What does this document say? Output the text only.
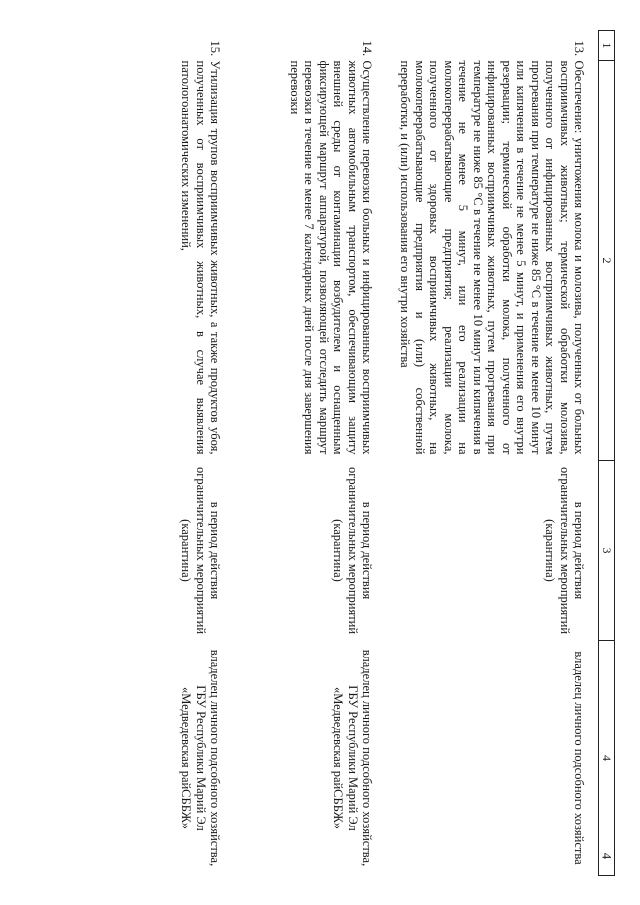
4
1	2	3	4
13.	Обеспечение: уничтожения молока и молозива, полученных от больных восприимчивых животных; термической обработки молозива, полученного от инфицированных восприимчивых животных, путем прогревания при температуре не ниже 85 °C в течение не менее 10 минут или кипячения в течение не менее 5 минут, и применения его внутри резервации; термической обработки молока, полученного от инфицированных восприимчивых животных, путем прогревания при температуре не ниже 85 °C в течение не менее 10 минут или кипячения в течение не менее 5 минут, или его реализации на молокоперерабатывающие предприятия; реализации молока, полученного от здоровых восприимчивых животных, на молокоперерабатывающие предприятия и (или) собственной переработки, и (или) использования его внутри хозяйства	в период действия ограничительных мероприятий (карантина)	владелец личного подсобного хозяйства
14.	Осуществление перевозки больных и инфицированных восприимчивых животных автомобильным транспортом, обеспечивающим защиту внешней среды от контаминации возбудителем и оснащенным фиксирующей маршрут аппаратурой, позволяющей отследить маршрут перевозки в течение не менее 7 календарных дней после дня завершения перевозки	в период действия ограничительных мероприятий (карантина)	владелец личного подсобного хозяйства, ГБУ Республики Марий Эл «Медведевская райСББЖ»
15.	Утилизация трупов восприимчивых животных, а также продуктов убоя, полученных от восприимчивых животных, в случае выявления патологоанатомических изменений,	в период действия ограничительных мероприятий (карантина)	владелец личного подсобного хозяйства, ГБУ Республики Марий Эл «Медведевская райСББЖ»
